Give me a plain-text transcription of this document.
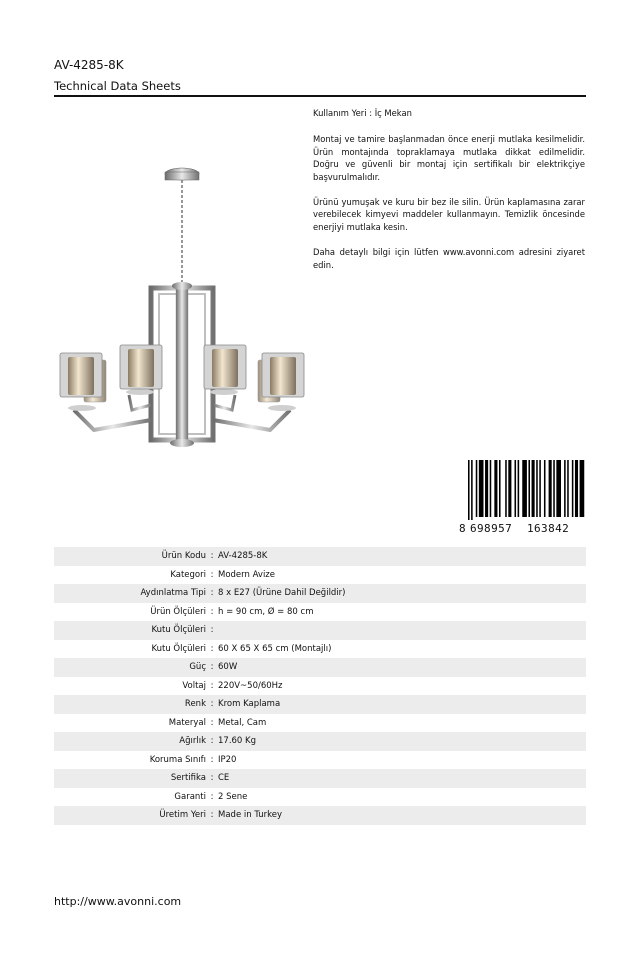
AV-4285-8K
Technical Data Sheets

Kullanım Yeri : İç Mekan

Montaj ve tamire başlanmadan önce enerji mutlaka kesilmelidir. Ürün montajında topraklamaya mutlaka dikkat edilmelidir. Doğru ve güvenli bir montaj için sertifikalı bir elektrikçiye başvurulmalıdır.

Ürünü yumuşak ve kuru bir bez ile silin. Ürün kaplamasına zarar verebilecek kimyevi maddeler kullanmayın. Temizlik öncesinde enerjiyi mutlaka kesin.

Daha detaylı bilgi için lütfen www.avonni.com adresini ziyaret edin.

8 698957 163842
Ürün Kodu : AV-4285-8K
Kategori : Modern Avize
Aydınlatma Tipi : 8 x E27 (Ürüne Dahil Değildir)
Ürün Ölçüleri : h = 90 cm, Ø = 80 cm
Kutu Ölçüleri :
Kutu Ölçüleri : 60 X 65 X 65 cm (Montajlı)
Güç : 60W
Voltaj : 220V~50/60Hz
Renk : Krom Kaplama
Materyal : Metal, Cam
Ağırlık : 17.60 Kg
Koruma Sınıfı : IP20
Sertifika : CE
Garanti : 2 Sene
Üretim Yeri : Made in Turkey
http://www.avonni.com
